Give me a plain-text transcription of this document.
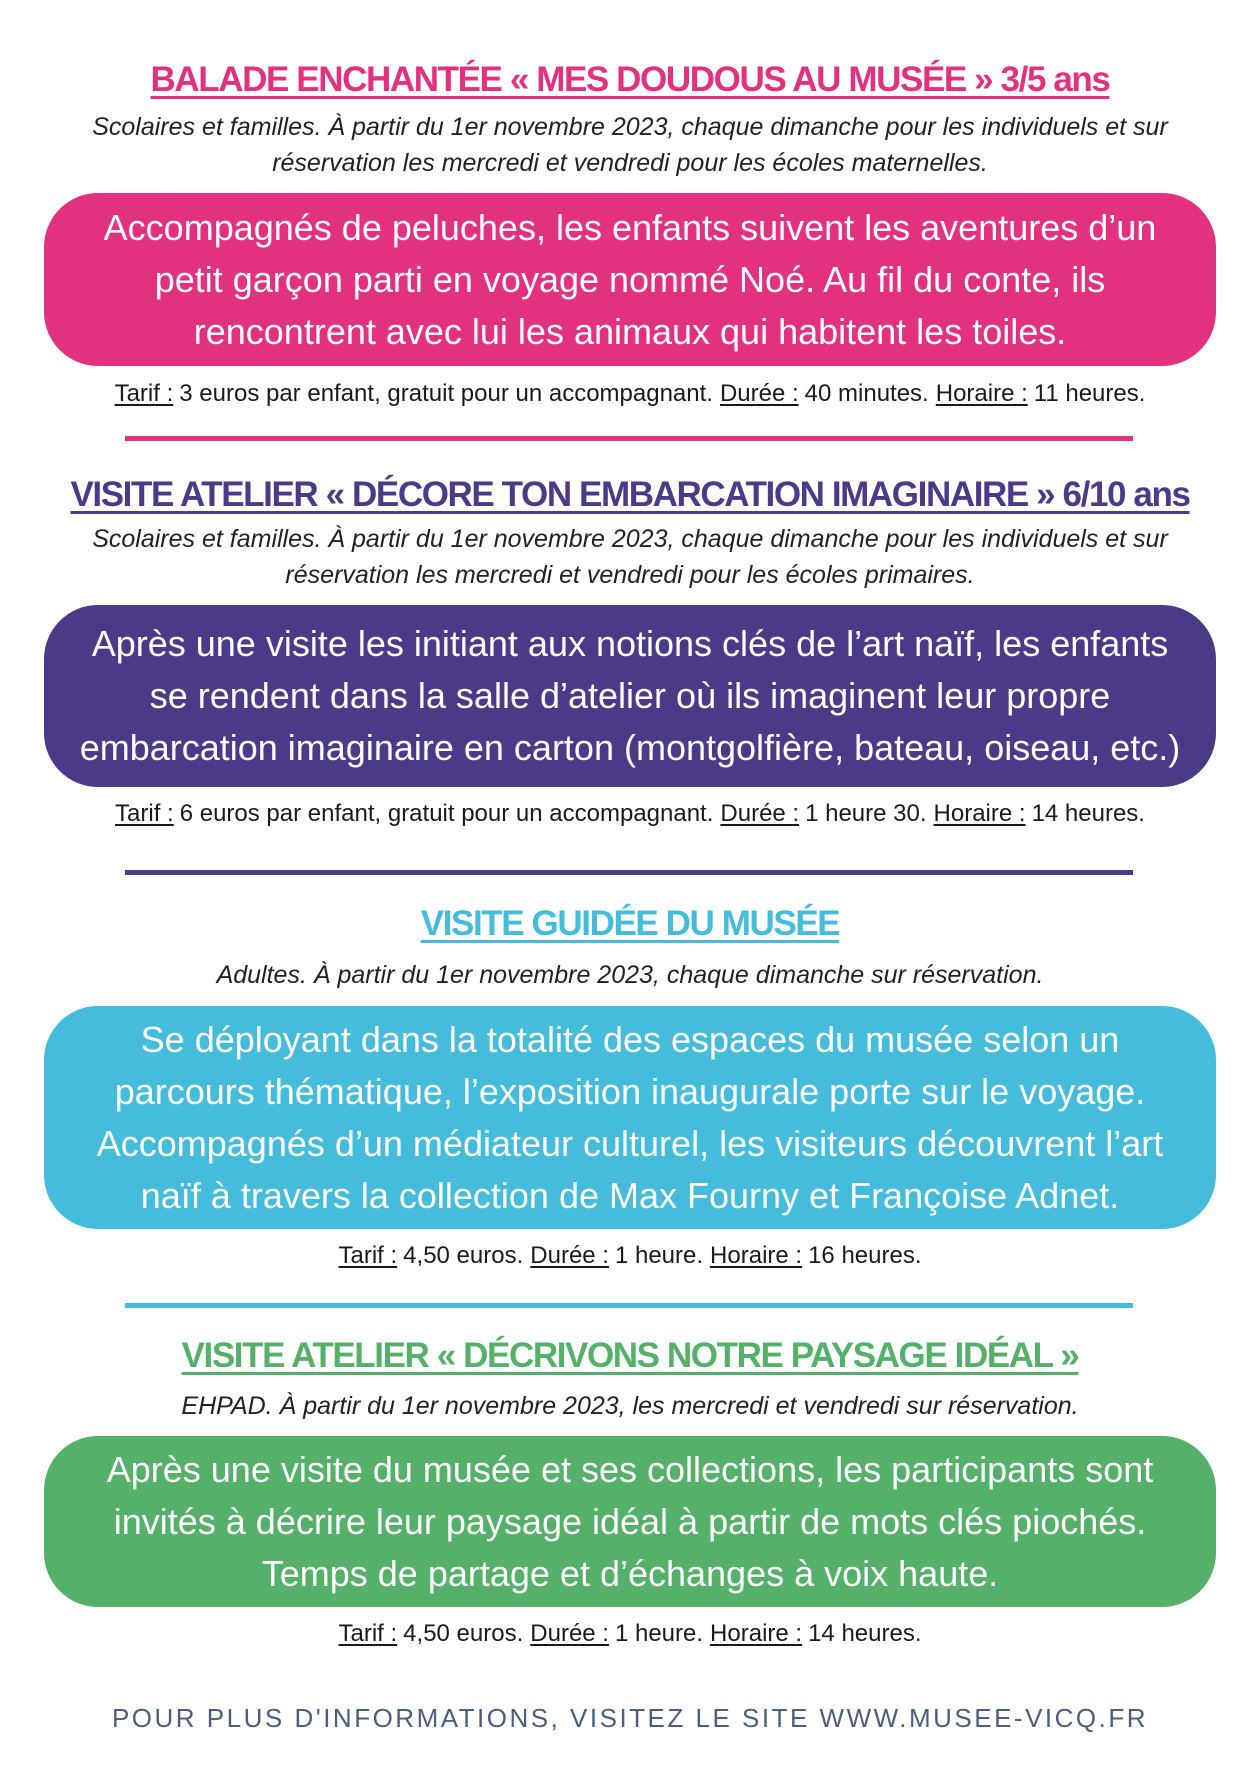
BALADE ENCHANTÉE « MES DOUDOUS AU MUSÉE » 3/5 ans
Scolaires et familles. À partir du 1er novembre 2023, chaque dimanche pour les individuels et sur
réservation les mercredi et vendredi pour les écoles maternelles.
Accompagnés de peluches, les enfants suivent les aventures d’un
petit garçon parti en voyage nommé Noé. Au fil du conte, ils
rencontrent avec lui les animaux qui habitent les toiles.
Tarif : 3 euros par enfant, gratuit pour un accompagnant. Durée : 40 minutes. Horaire : 11 heures.
VISITE ATELIER « DÉCORE TON EMBARCATION IMAGINAIRE » 6/10 ans
Scolaires et familles. À partir du 1er novembre 2023, chaque dimanche pour les individuels et sur
réservation les mercredi et vendredi pour les écoles primaires.
Après une visite les initiant aux notions clés de l’art naïf, les enfants
se rendent dans la salle d’atelier où ils imaginent leur propre
embarcation imaginaire en carton (montgolfière, bateau, oiseau, etc.)
Tarif : 6 euros par enfant, gratuit pour un accompagnant. Durée : 1 heure 30. Horaire : 14 heures.
VISITE GUIDÉE DU MUSÉE
Adultes. À partir du 1er novembre 2023, chaque dimanche sur réservation.
Se déployant dans la totalité des espaces du musée selon un
parcours thématique, l’exposition inaugurale porte sur le voyage.
Accompagnés d’un médiateur culturel, les visiteurs découvrent l’art
naïf à travers la collection de Max Fourny et Françoise Adnet.
Tarif : 4,50 euros. Durée : 1 heure. Horaire : 16 heures.
VISITE ATELIER « DÉCRIVONS NOTRE PAYSAGE IDÉAL »
EHPAD. À partir du 1er novembre 2023, les mercredi et vendredi sur réservation.
Après une visite du musée et ses collections, les participants sont
invités à décrire leur paysage idéal à partir de mots clés piochés.
Temps de partage et d’échanges à voix haute.
Tarif : 4,50 euros. Durée : 1 heure. Horaire : 14 heures.
POUR PLUS D'INFORMATIONS, VISITEZ LE SITE WWW.MUSEE-VICQ.FR
